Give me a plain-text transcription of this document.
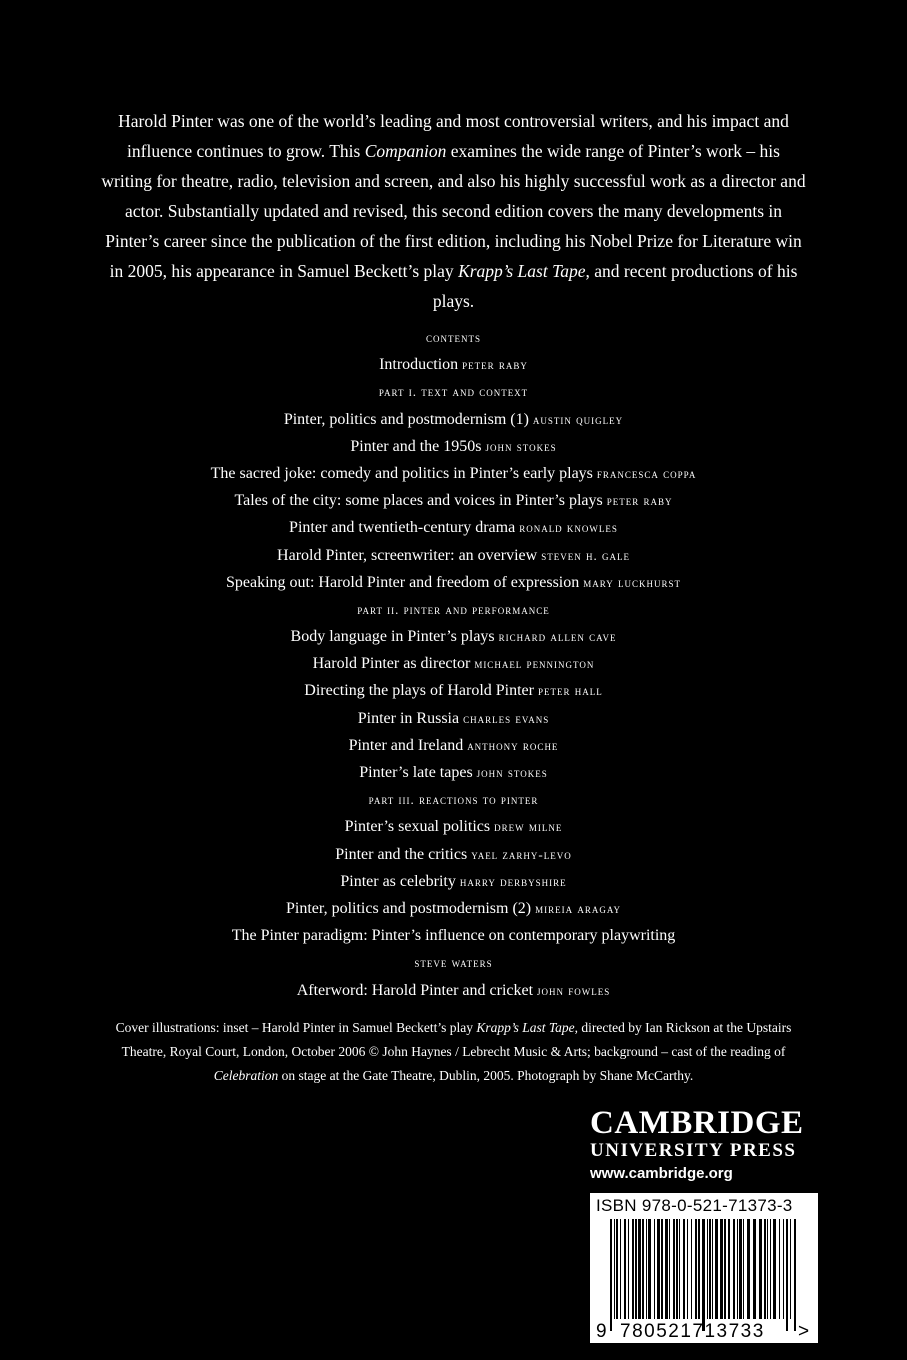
Harold Pinter was one of the world’s leading and most controversial writers, and his impact and influence continues to grow. This Companion examines the wide range of Pinter’s work – his writing for theatre, radio, television and screen, and also his highly successful work as a director and actor. Substantially updated and revised, this second edition covers the many developments in Pinter’s career since the publication of the first edition, including his Nobel Prize for Literature win in 2005, his appearance in Samuel Beckett’s play Krapp’s Last Tape, and recent productions of his plays.
contents
Introduction peter raby
part i. text and context
Pinter, politics and postmodernism (1) austin quigley
Pinter and the 1950s john stokes
The sacred joke: comedy and politics in Pinter’s early plays francesca coppa
Tales of the city: some places and voices in Pinter’s plays peter raby
Pinter and twentieth-century drama ronald knowles
Harold Pinter, screenwriter: an overview steven h. gale
Speaking out: Harold Pinter and freedom of expression mary luckhurst
part ii. pinter and performance
Body language in Pinter’s plays richard allen cave
Harold Pinter as director michael pennington
Directing the plays of Harold Pinter peter hall
Pinter in Russia charles evans
Pinter and Ireland anthony roche
Pinter’s late tapes john stokes
part iii. reactions to pinter
Pinter’s sexual politics drew milne
Pinter and the critics yael zarhy-levo
Pinter as celebrity harry derbyshire
Pinter, politics and postmodernism (2) mireia aragay
The Pinter paradigm: Pinter’s influence on contemporary playwriting
steve waters
Afterword: Harold Pinter and cricket john fowles
Cover illustrations: inset – Harold Pinter in Samuel Beckett’s play Krapp’s Last Tape, directed by Ian Rickson at the Upstairs Theatre, Royal Court, London, October 2006 © John Haynes / Lebrecht Music & Arts; background – cast of the reading of Celebration on stage at the Gate Theatre, Dublin, 2005. Photograph by Shane McCarthy.
CAMBRIDGE
UNIVERSITY PRESS
www.cambridge.org
ISBN 978-0-521-71373-3
9 780521713733 >
